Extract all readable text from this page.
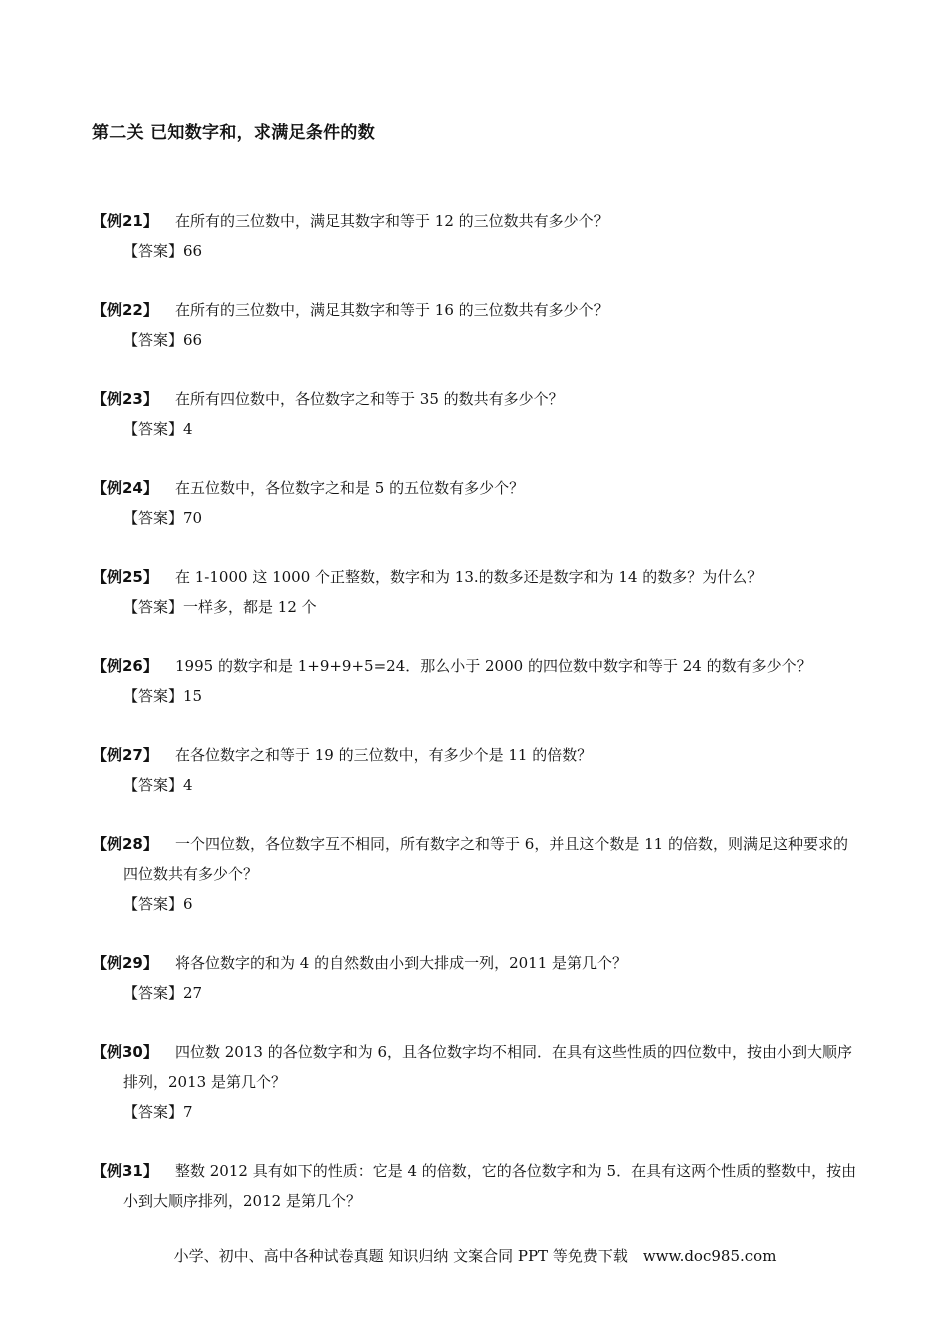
第二关 已知数字和，求满足条件的数
【例21】 在所有的三位数中，满足其数字和等于 12 的三位数共有多少个？
【答案】66
【例22】 在所有的三位数中，满足其数字和等于 16 的三位数共有多少个？
【答案】66
【例23】 在所有四位数中，各位数字之和等于 35 的数共有多少个？
【答案】4
【例24】 在五位数中，各位数字之和是 5 的五位数有多少个？
【答案】70
【例25】 在 1-1000 这 1000 个正整数，数字和为 13.的数多还是数字和为 14 的数多？为什么？
【答案】一样多，都是 12 个
【例26】 1995 的数字和是 1+9+9+5=24．那么小于 2000 的四位数中数字和等于 24 的数有多少个？
【答案】15
【例27】 在各位数字之和等于 19 的三位数中，有多少个是 11 的倍数？
【答案】4
【例28】	一个四位数，各位数字互不相同，所有数字之和等于 6，并且这个数是 11 的倍数，则满足这种要求的四位数共有多少个？
【答案】6
【例29】 将各位数字的和为 4 的自然数由小到大排成一列，2011 是第几个？
【答案】27
【例30】	四位数 2013 的各位数字和为 6，且各位数字均不相同．在具有这些性质的四位数中，按由小到大顺序排列，2013 是第几个？
【答案】7
【例31】	整数 2012 具有如下的性质：它是 4 的倍数，它的各位数字和为 5．在具有这两个性质的整数中，按由小到大顺序排列，2012 是第几个？
小学、初中、高中各种试卷真题 知识归纳 文案合同 PPT 等免费下载　www.doc985.com
